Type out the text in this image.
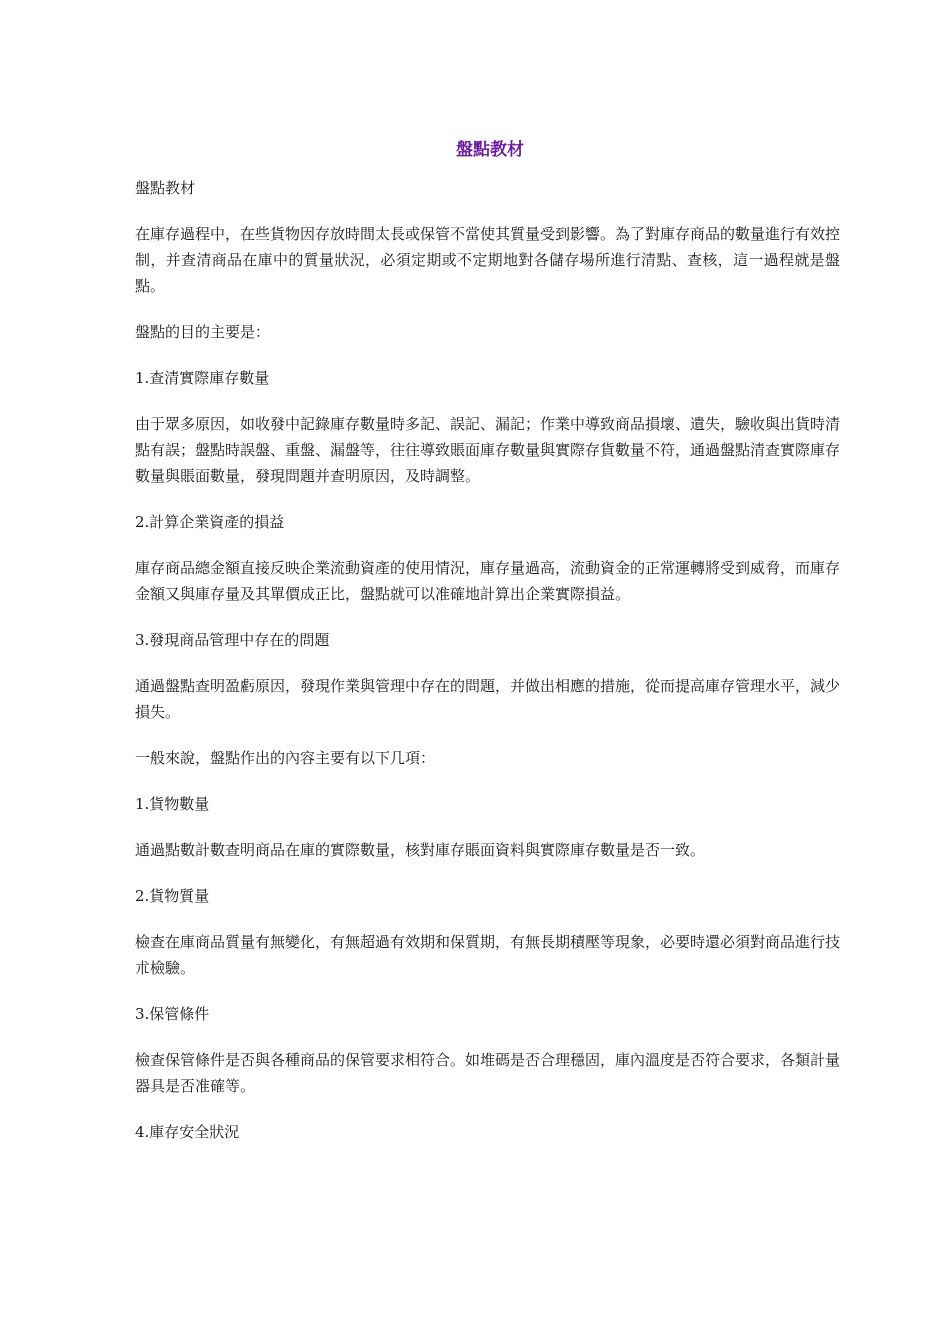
盤點教材

盤點教材

在庫存過程中，在些貨物因存放時間太長或保管不當使其質量受到影響。為了對庫存商品的數量進行有效控制，并查清商品在庫中的質量狀況，必須定期或不定期地對各儲存場所進行清點、查核，這一過程就是盤點。

盤點的目的主要是：

1.查清實際庫存數量

由于眾多原因，如收發中記錄庫存數量時多記、誤記、漏記；作業中導致商品損壞、遺失，驗收與出貨時清點有誤；盤點時誤盤、重盤、漏盤等，往往導致賬面庫存數量與實際存貨數量不符，通過盤點清查實際庫存數量與賬面數量，發現問題并查明原因，及時調整。

2.計算企業資產的損益

庫存商品總金額直接反映企業流動資產的使用情況，庫存量過高，流動資金的正常運轉將受到威脅，而庫存金額又與庫存量及其單價成正比，盤點就可以准確地計算出企業實際損益。

3.發現商品管理中存在的問題

通過盤點查明盈虧原因，發現作業與管理中存在的問題，并做出相應的措施，從而提高庫存管理水平，減少損失。

一般來說，盤點作出的內容主要有以下几項：

1.貨物數量

通過點數計數查明商品在庫的實際數量，核對庫存賬面資料與實際庫存數量是否一致。

2.貨物質量

檢查在庫商品質量有無變化，有無超過有效期和保質期，有無長期積壓等現象，必要時還必須對商品進行技朮檢驗。

3.保管條件

檢查保管條件是否與各種商品的保管要求相符合。如堆碼是否合理穩固，庫內溫度是否符合要求，各類計量器具是否准確等。

4.庫存安全狀況
